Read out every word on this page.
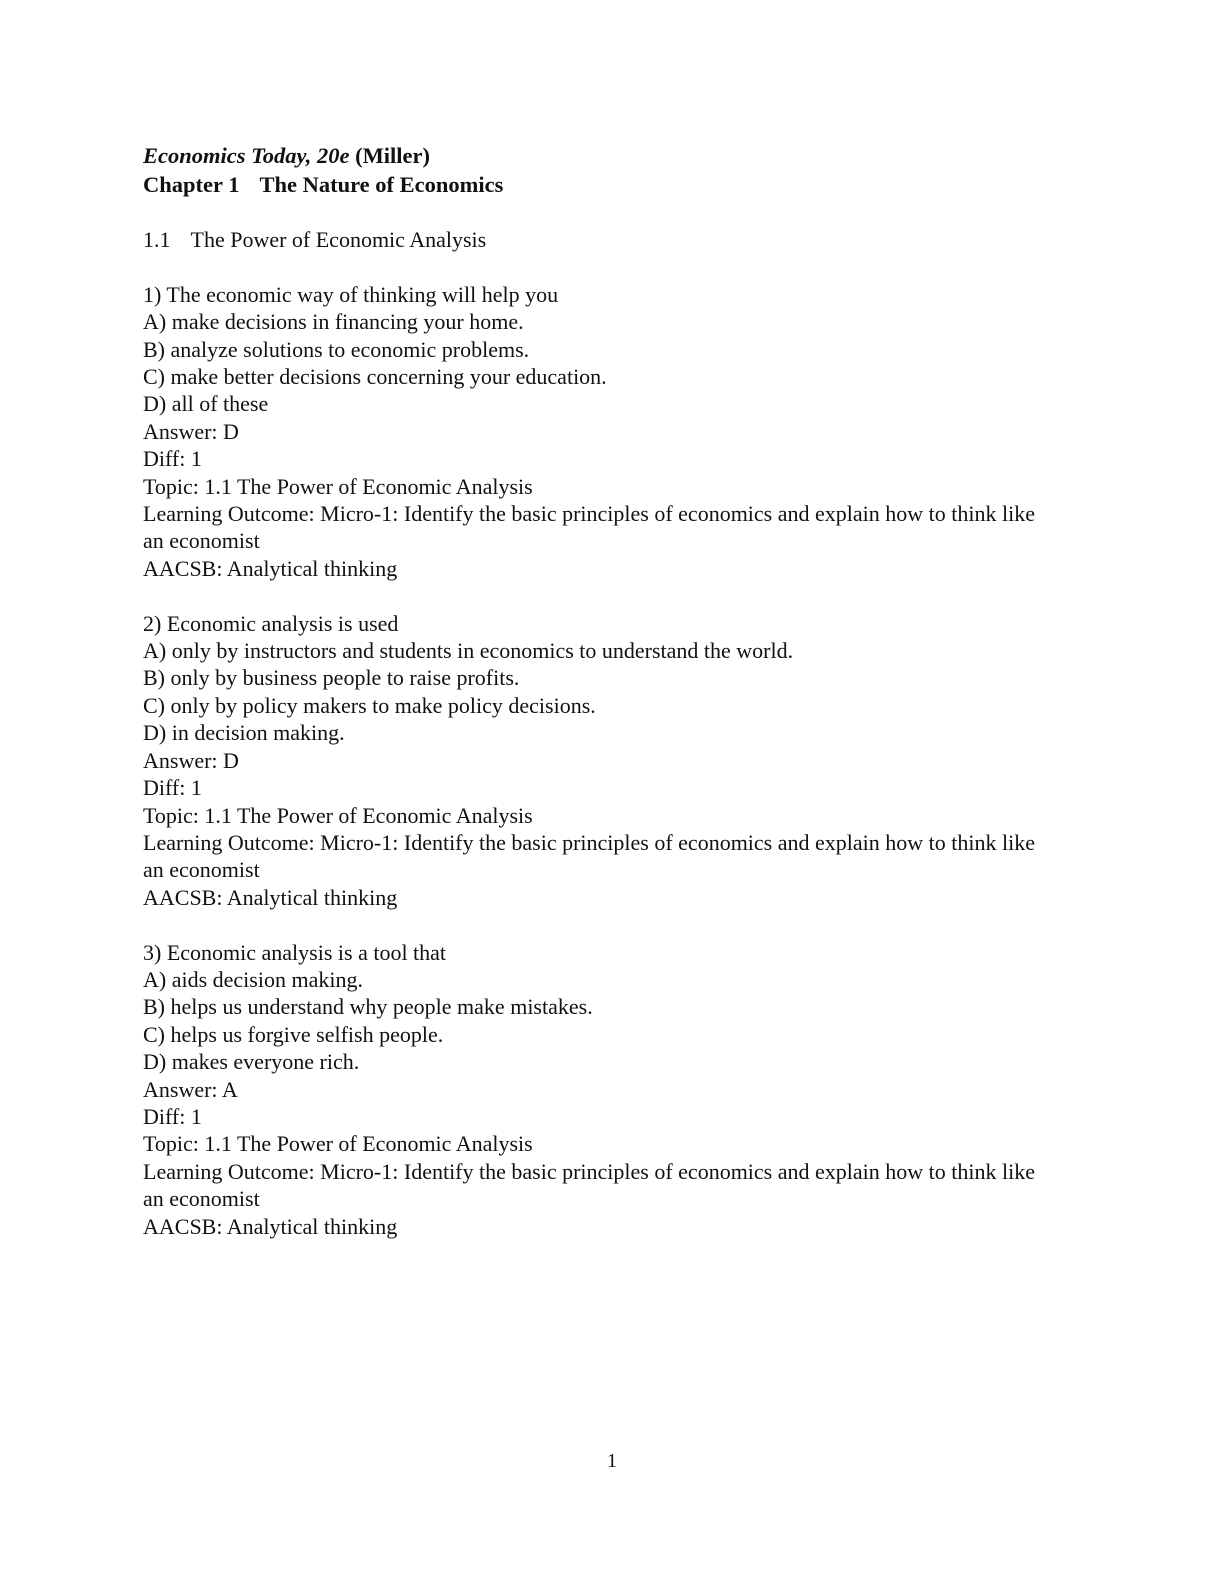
Economics Today, 20e (Miller)
Chapter 1 The Nature of Economics
1.1 The Power of Economic Analysis
1) The economic way of thinking will help you
A) make decisions in financing your home.
B) analyze solutions to economic problems.
C) make better decisions concerning your education.
D) all of these
Answer: D
Diff: 1
Topic: 1.1 The Power of Economic Analysis
Learning Outcome: Micro-1: Identify the basic principles of economics and explain how to think like an economist
AACSB: Analytical thinking
2) Economic analysis is used
A) only by instructors and students in economics to understand the world.
B) only by business people to raise profits.
C) only by policy makers to make policy decisions.
D) in decision making.
Answer: D
Diff: 1
Topic: 1.1 The Power of Economic Analysis
Learning Outcome: Micro-1: Identify the basic principles of economics and explain how to think like an economist
AACSB: Analytical thinking
3) Economic analysis is a tool that
A) aids decision making.
B) helps us understand why people make mistakes.
C) helps us forgive selfish people.
D) makes everyone rich.
Answer: A
Diff: 1
Topic: 1.1 The Power of Economic Analysis
Learning Outcome: Micro-1: Identify the basic principles of economics and explain how to think like an economist
AACSB: Analytical thinking
1
